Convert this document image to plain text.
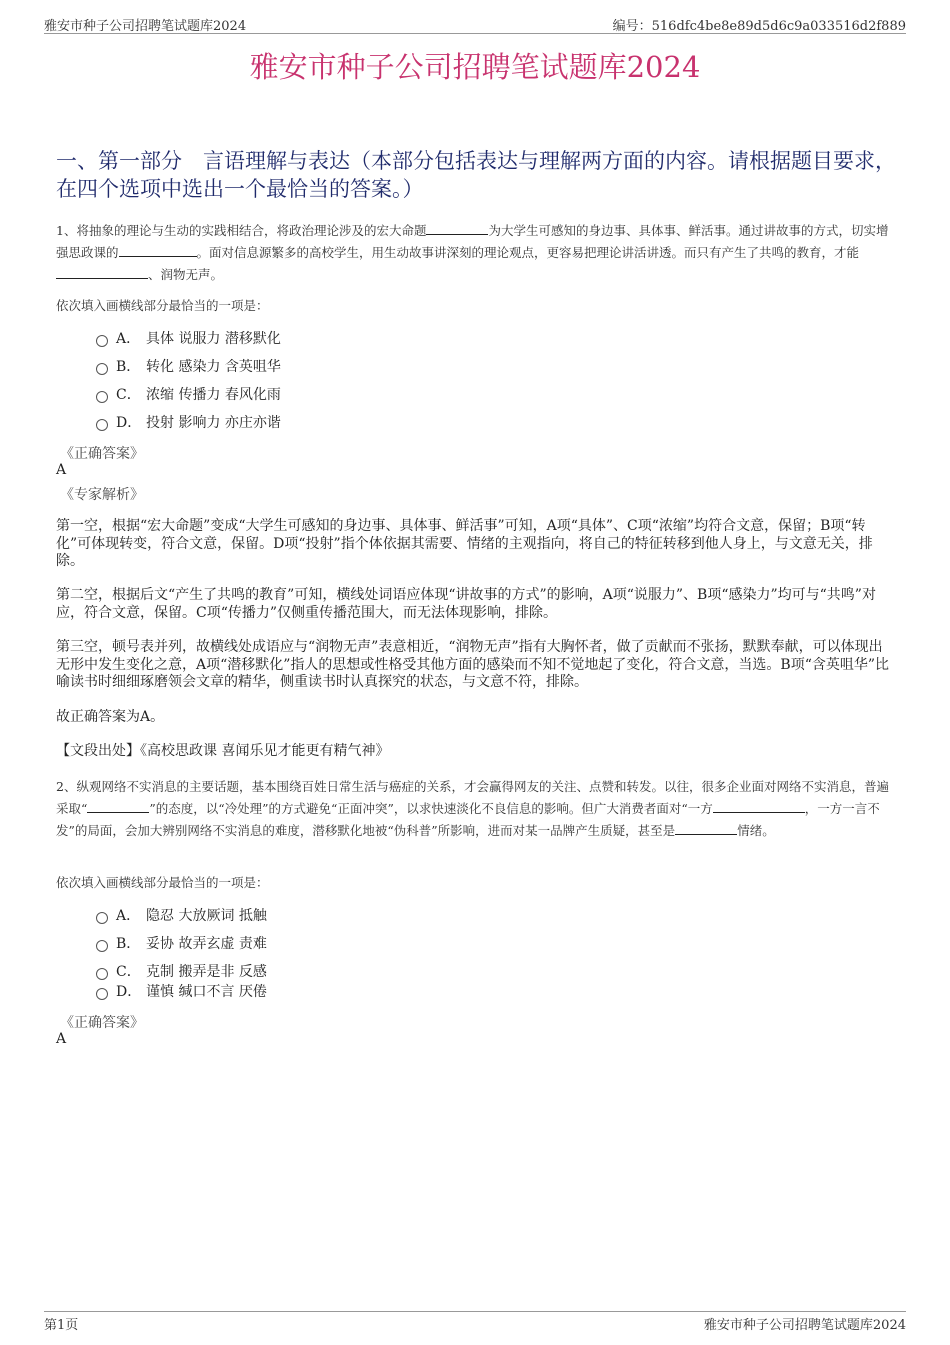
雅安市种子公司招聘笔试题库2024	编号：516dfc4be8e89d5d6c9a033516d2f889
雅安市种子公司招聘笔试题库2024
一、第一部分　言语理解与表达（本部分包括表达与理解两方面的内容。请根据题目要求，在四个选项中选出一个最恰当的答案。）
1、将抽象的理论与生动的实践相结合，将政治理论涉及的宏大命题	为大学生可感知的身边事、具体事、鲜活事。通过讲故事的方式，切实增强思政课的	。面对信息源繁多的高校学生，用生动故事讲深刻的理论观点，更容易把理论讲活讲透。而只有产生了共鸣的教育，才能、润物无声。
依次填入画横线部分最恰当的一项是：
A． 具体 说服力 潜移默化
B． 转化 感染力 含英咀华
C． 浓缩 传播力 春风化雨
D． 投射 影响力 亦庄亦谐
《正确答案》
A
《专家解析》
第一空，根据“宏大命题”变成“大学生可感知的身边事、具体事、鲜活事”可知，A项“具体”、C项“浓缩”均符合文意，保留；B项“转化”可体现转变，符合文意，保留。D项“投射”指个体依据其需要、情绪的主观指向，将自己的特征转移到他人身上，与文意无关，排除。
第二空，根据后文“产生了共鸣的教育”可知，横线处词语应体现“讲故事的方式”的影响，A项“说服力”、B项“感染力”均可与“共鸣”对应，符合文意，保留。C项“传播力”仅侧重传播范围大，而无法体现影响，排除。
第三空，顿号表并列，故横线处成语应与“润物无声”表意相近，“润物无声”指有大胸怀者，做了贡献而不张扬，默默奉献，可以体现出无形中发生变化之意，A项“潜移默化”指人的思想或性格受其他方面的感染而不知不觉地起了变化，符合文意，当选。B项“含英咀华”比喻读书时细细琢磨领会文章的精华，侧重读书时认真探究的状态，与文意不符，排除。
故正确答案为A。
【文段出处】《高校思政课 喜闻乐见才能更有精气神》
2、纵观网络不实消息的主要话题，基本围绕百姓日常生活与癌症的关系，才会赢得网友的关注、点赞和转发。以往，很多企业面对网络不实消息，普遍采取“	”的态度，以“冷处理”的方式避免“正面冲突”，以求快速淡化不良信息的影响。但广大消费者面对“一方	，一方一言不发”的局面，会加大辨别网络不实消息的难度，潜移默化地被“伪科普”所影响，进而对某一品牌产生质疑，甚至是	情绪。
依次填入画横线部分最恰当的一项是：
A． 隐忍 大放厥词 抵触
B． 妥协 故弄玄虚 责难
C． 克制 搬弄是非 反感
D． 谨慎 缄口不言 厌倦
《正确答案》
A
第1页	雅安市种子公司招聘笔试题库2024
